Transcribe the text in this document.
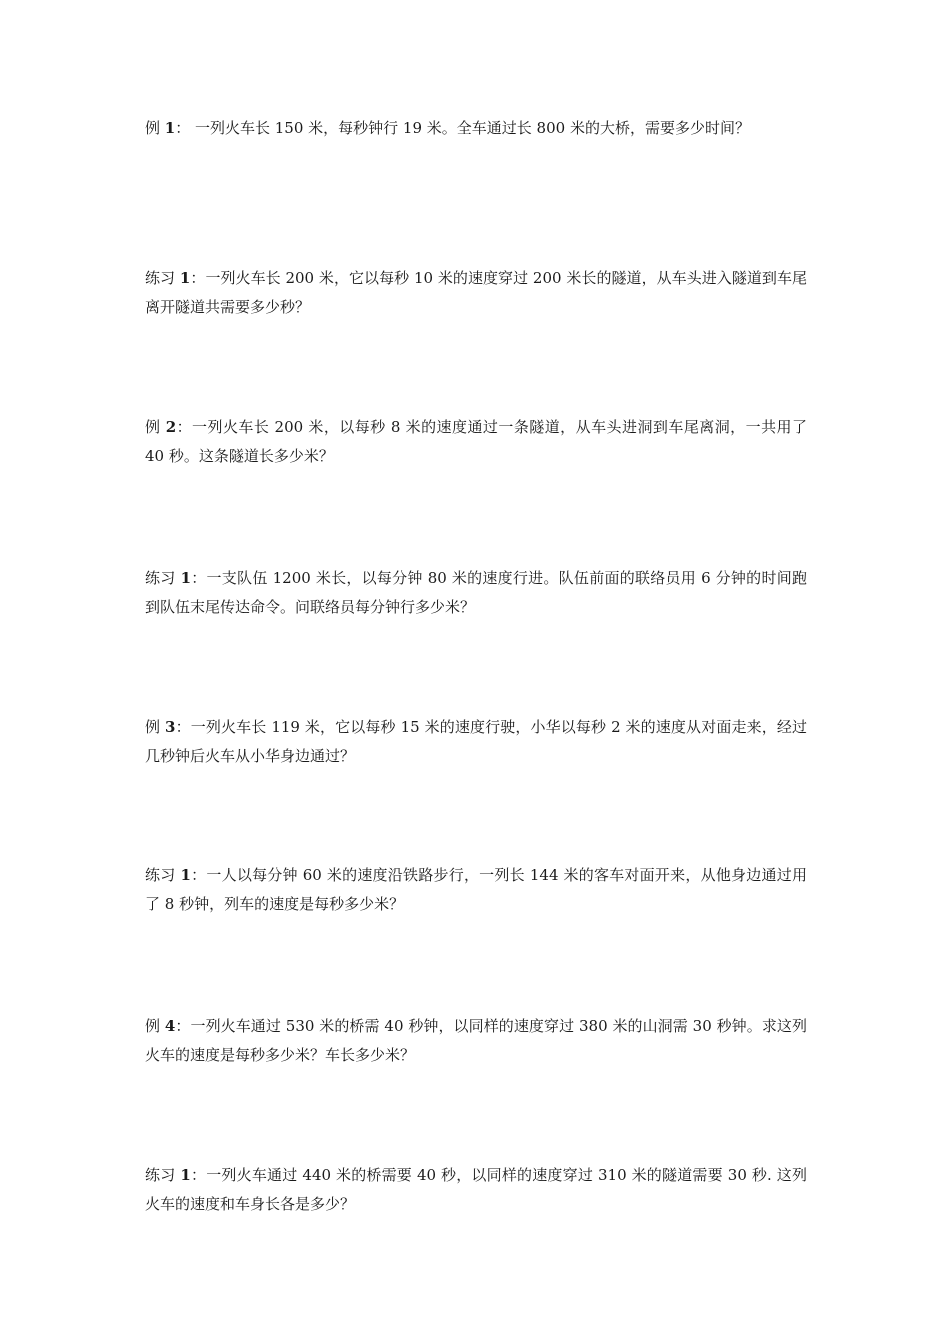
例 1： 一列火车长 150 米，每秒钟行 19 米。全车通过长 800 米的大桥，需要多少时间？

练习 1：一列火车长 200 米，它以每秒 10 米的速度穿过 200 米长的隧道，从车头进入隧道到车尾离开隧道共需要多少秒？

例 2：一列火车长 200 米，以每秒 8 米的速度通过一条隧道，从车头进洞到车尾离洞，一共用了 40 秒。这条隧道长多少米？

练习 1：一支队伍 1200 米长，以每分钟 80 米的速度行进。队伍前面的联络员用 6 分钟的时间跑到队伍末尾传达命令。问联络员每分钟行多少米？

例 3：一列火车长 119 米，它以每秒 15 米的速度行驶，小华以每秒 2 米的速度从对面走来，经过几秒钟后火车从小华身边通过？

练习 1：一人以每分钟 60 米的速度沿铁路步行，一列长 144 米的客车对面开来，从他身边通过用了 8 秒钟，列车的速度是每秒多少米？

例 4：一列火车通过 530 米的桥需 40 秒钟，以同样的速度穿过 380 米的山洞需 30 秒钟。求这列火车的速度是每秒多少米？车长多少米？

练习 1：一列火车通过 440 米的桥需要 40 秒，以同样的速度穿过 310 米的隧道需要 30 秒. 这列火车的速度和车身长各是多少？
